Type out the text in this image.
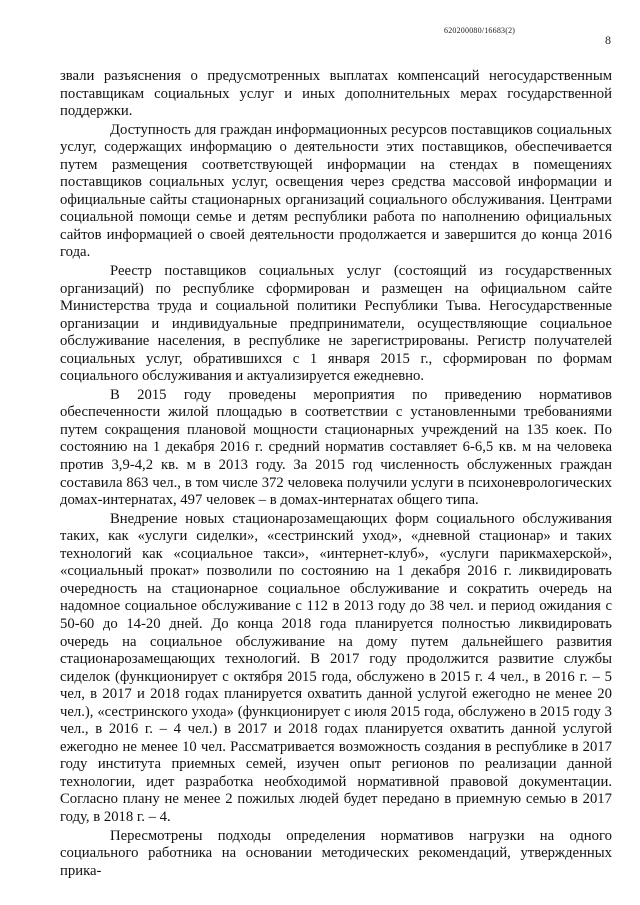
620200080/16683(2)
8

звали разъяснения о предусмотренных выплатах компенсаций негосударственным поставщикам социальных услуг и иных дополнительных мерах государственной поддержки.

Доступность для граждан информационных ресурсов поставщиков социальных услуг, содержащих информацию о деятельности этих поставщиков, обеспечивается путем размещения соответствующей информации на стендах в помещениях поставщиков социальных услуг, освещения через средства массовой информации и официальные сайты стационарных организаций социального обслуживания. Центрами социальной помощи семье и детям республики работа по наполнению официальных сайтов информацией о своей деятельности продолжается и завершится до конца 2016 года.

Реестр поставщиков социальных услуг (состоящий из государственных организаций) по республике сформирован и размещен на официальном сайте Министерства труда и социальной политики Республики Тыва. Негосударственные организации и индивидуальные предприниматели, осуществляющие социальное обслуживание населения, в республике не зарегистрированы. Регистр получателей социальных услуг, обратившихся с 1 января 2015 г., сформирован по формам социального обслуживания и актуализируется ежедневно.

В 2015 году проведены мероприятия по приведению нормативов обеспеченности жилой площадью в соответствии с установленными требованиями путем сокращения плановой мощности стационарных учреждений на 135 коек. По состоянию на 1 декабря 2016 г. средний норматив составляет 6-6,5 кв. м на человека против 3,9-4,2 кв. м в 2013 году. За 2015 год численность обслуженных граждан составила 863 чел., в том числе 372 человека получили услуги в психоневрологических домах-интернатах, 497 человек – в домах-интернатах общего типа.

Внедрение новых стационарозамещающих форм социального обслуживания таких, как «услуги сиделки», «сестринский уход», «дневной стационар» и таких технологий как «социальное такси», «интернет-клуб», «услуги парикмахерской», «социальный прокат» позволили по состоянию на 1 декабря 2016 г. ликвидировать очередность на стационарное социальное обслуживание и сократить очередь на надомное социальное обслуживание с 112 в 2013 году до 38 чел. и период ожидания с 50-60 до 14-20 дней. До конца 2018 года планируется полностью ликвидировать очередь на социальное обслуживание на дому путем дальнейшего развития стационарозамещающих технологий. В 2017 году продолжится развитие службы сиделок (функционирует с октября 2015 года, обслужено в 2015 г. 4 чел., в 2016 г. – 5 чел, в 2017 и 2018 годах планируется охватить данной услугой ежегодно не менее 20 чел.), «сестринского ухода» (функционирует с июля 2015 года, обслужено в 2015 году 3 чел., в 2016 г. – 4 чел.) в 2017 и 2018 годах планируется охватить данной услугой ежегодно не менее 10 чел. Рассматривается возможность создания в республике в 2017 году института приемных семей, изучен опыт регионов по реализации данной технологии, идет разработка необходимой нормативной правовой документации. Согласно плану не менее 2 пожилых людей будет передано в приемную семью в 2017 году, в 2018 г. – 4.

Пересмотрены подходы определения нормативов нагрузки на одного социального работника на основании методических рекомендаций, утвержденных прика-
